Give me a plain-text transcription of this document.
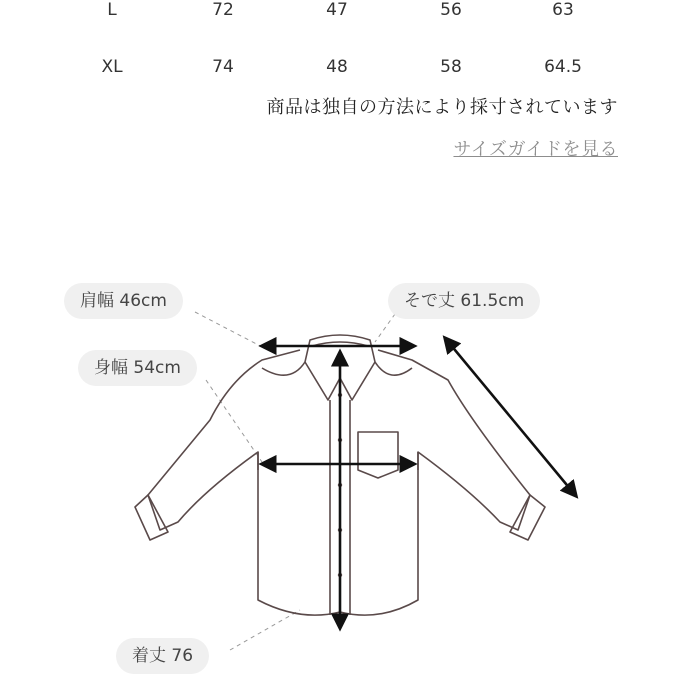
L	72	47	56	63
XL	74	48	58	64.5
商品は独自の方法により採寸されています
サイズガイドを見る
肩幅 46cm
身幅 54cm
そで丈 61.5cm
着丈 76
